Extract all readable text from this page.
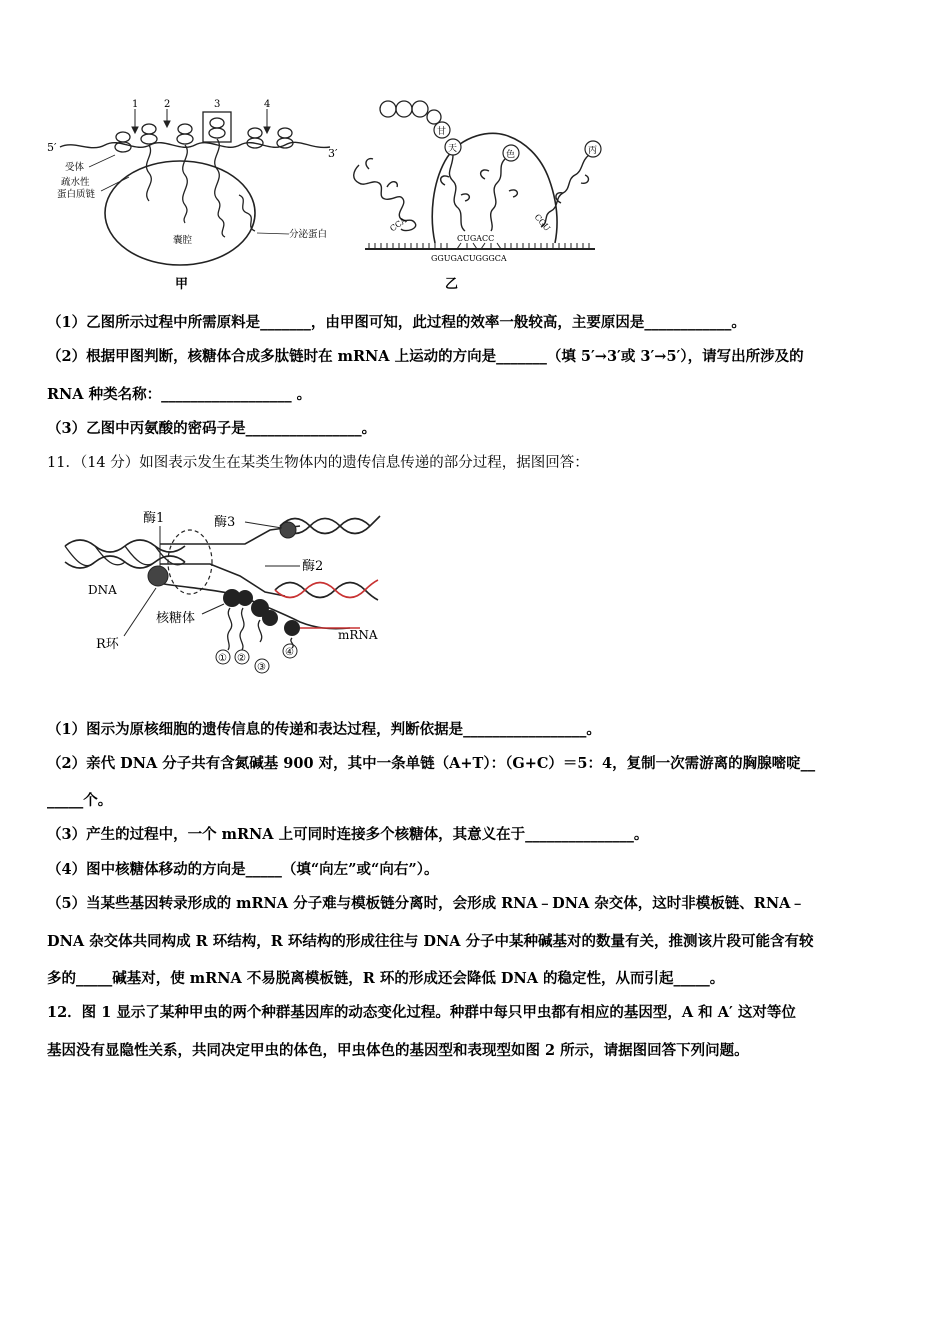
1	2	3	4
5′	3′
受体
疏水性
蛋白质链
分泌蛋白
囊腔
甲
甘
天
色	丙
CCA
CUGACC
CGU
GGUGACUGGGCA
乙
（1）乙图所示过程中所需原料是_______，由甲图可知，此过程的效率一般较高，主要原因是____________。
（2）根据甲图判断，核糖体合成多肽链时在 mRNA 上运动的方向是_______（填 5′→3′或 3′→5′），请写出所涉及的
RNA 种类名称：__________________ 。
（3）乙图中丙氨酸的密码子是________________。
11．（14 分）如图表示发生在某类生物体内的遗传信息传递的部分过程，据图回答：
① ②
③
④
酶1	酶3
酶2
DNA
核糖体
R环
mRNA
（1）图示为原核细胞的遗传信息的传递和表达过程，判断依据是_________________。
（2）亲代 DNA 分子共有含氮碱基 900 对，其中一条单链（A+T）：（G+C）＝5：4，复制一次需游离的胸腺嘧啶__
_____个。
（3）产生的过程中，一个 mRNA 上可同时连接多个核糖体，其意义在于_______________。
（4）图中核糖体移动的方向是_____（填“向左”或“向右”）。
（5）当某些基因转录形成的 mRNA 分子难与模板链分离时，会形成 RNA﹣DNA 杂交体，这时非模板链、RNA﹣
DNA 杂交体共同构成 R 环结构，R 环结构的形成往往与 DNA 分子中某种碱基对的数量有关，推测该片段可能含有较
多的_____碱基对，使 mRNA 不易脱离模板链，R 环的形成还会降低 DNA 的稳定性，从而引起_____。
12．图 1 显示了某种甲虫的两个种群基因库的动态变化过程。种群中每只甲虫都有相应的基因型，A 和 A′ 这对等位
基因没有显隐性关系，共同决定甲虫的体色，甲虫体色的基因型和表现型如图 2 所示，请据图回答下列问题。
